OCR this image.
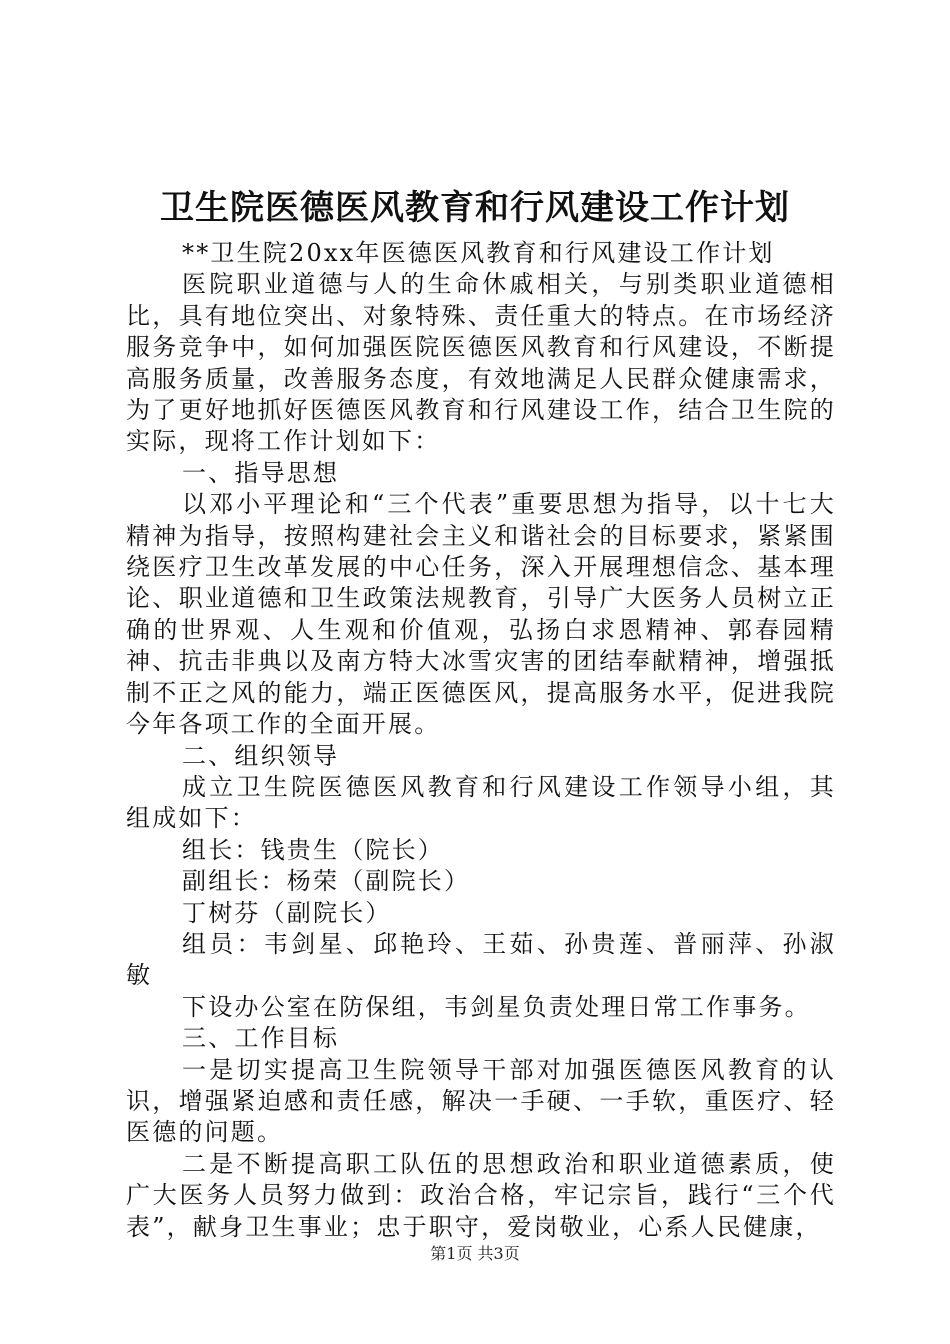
卫生院医德医风教育和行风建设工作计划

**卫生院20xx年医德医风教育和行风建设工作计划

医院职业道德与人的生命休戚相关，与别类职业道德相比，具有地位突出、对象特殊、责任重大的特点。在市场经济服务竞争中，如何加强医院医德医风教育和行风建设，不断提高服务质量，改善服务态度，有效地满足人民群众健康需求，为了更好地抓好医德医风教育和行风建设工作，结合卫生院的实际，现将工作计划如下：

一、指导思想

以邓小平理论和“三个代表”重要思想为指导，以十七大精神为指导，按照构建社会主义和谐社会的目标要求，紧紧围绕医疗卫生改革发展的中心任务，深入开展理想信念、基本理论、职业道德和卫生政策法规教育，引导广大医务人员树立正确的世界观、人生观和价值观，弘扬白求恩精神、郭春园精神、抗击非典以及南方特大冰雪灾害的团结奉献精神，增强抵制不正之风的能力，端正医德医风，提高服务水平，促进我院今年各项工作的全面开展。

二、组织领导

成立卫生院医德医风教育和行风建设工作领导小组，其组成如下：

组长：钱贵生（院长）

副组长：杨荣（副院长）

丁树芬（副院长）

组员：韦剑星、邱艳玲、王茹、孙贵莲、普丽萍、孙淑敏

下设办公室在防保组，韦剑星负责处理日常工作事务。

三、工作目标

一是切实提高卫生院领导干部对加强医德医风教育的认识，增强紧迫感和责任感，解决一手硬、一手软，重医疗、轻医德的问题。

二是不断提高职工队伍的思想政治和职业道德素质，使广大医务人员努力做到：政治合格，牢记宗旨，践行“三个代表”，献身卫生事业；忠于职守，爱岗敬业，心系人民健康，

第1页 共3页
